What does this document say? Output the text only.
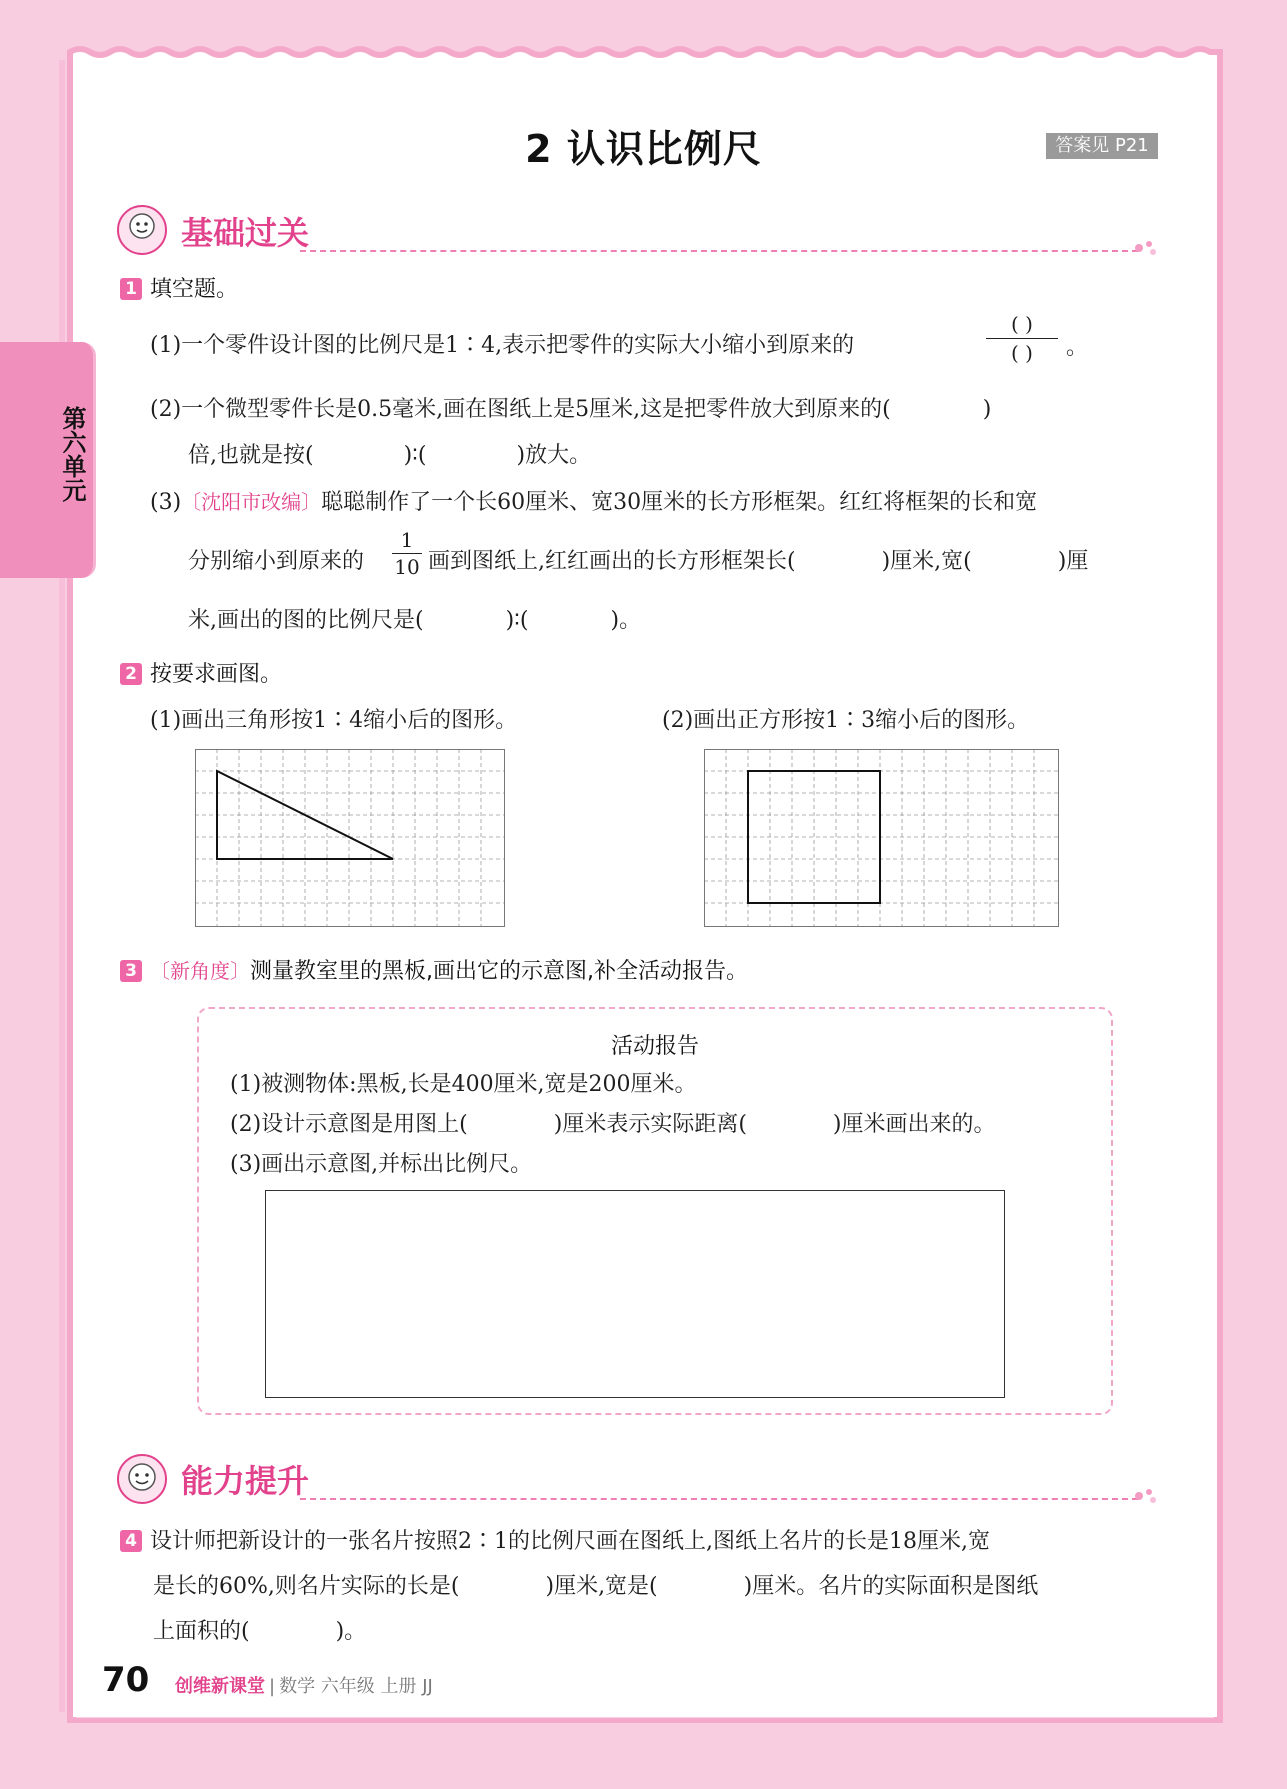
第六单元
2 认识比例尺	答案见 P21
基础过关
1 填空题。
(1)一个零件设计图的比例尺是1∶4,表示把零件的实际大小缩小到原来的
( )
( )	。
(2)一个微型零件长是0.5毫米,画在图纸上是5厘米,这是把零件放大到原来的(	)
倍,也就是按(	)∶(	)放大。
(3)〔沈阳市改编〕聪聪制作了一个长60厘米、宽30厘米的长方形框架。红红将框架的长和宽
分别缩小到原来的
1
10 画到图纸上,红红画出的长方形框架长(	)厘米,宽(	)厘
米,画出的图的比例尺是(	)∶(	)。
2 按要求画图。
(1)画出三角形按1∶4缩小后的图形。	(2)画出正方形按1∶3缩小后的图形。
3 〔新角度〕测量教室里的黑板,画出它的示意图,补全活动报告。
活动报告
(1)被测物体:黑板,长是400厘米,宽是200厘米。
(2)设计示意图是用图上(	)厘米表示实际距离(	)厘米画出来的。
(3)画出示意图,并标出比例尺。
能力提升
4 设计师把新设计的一张名片按照2∶1的比例尺画在图纸上,图纸上名片的长是18厘米,宽
是长的60%,则名片实际的长是(	)厘米,宽是(	)厘米。名片的实际面积是图纸
上面积的(	)。
70 创维新课堂 | 数学 六年级 上册 JJ
